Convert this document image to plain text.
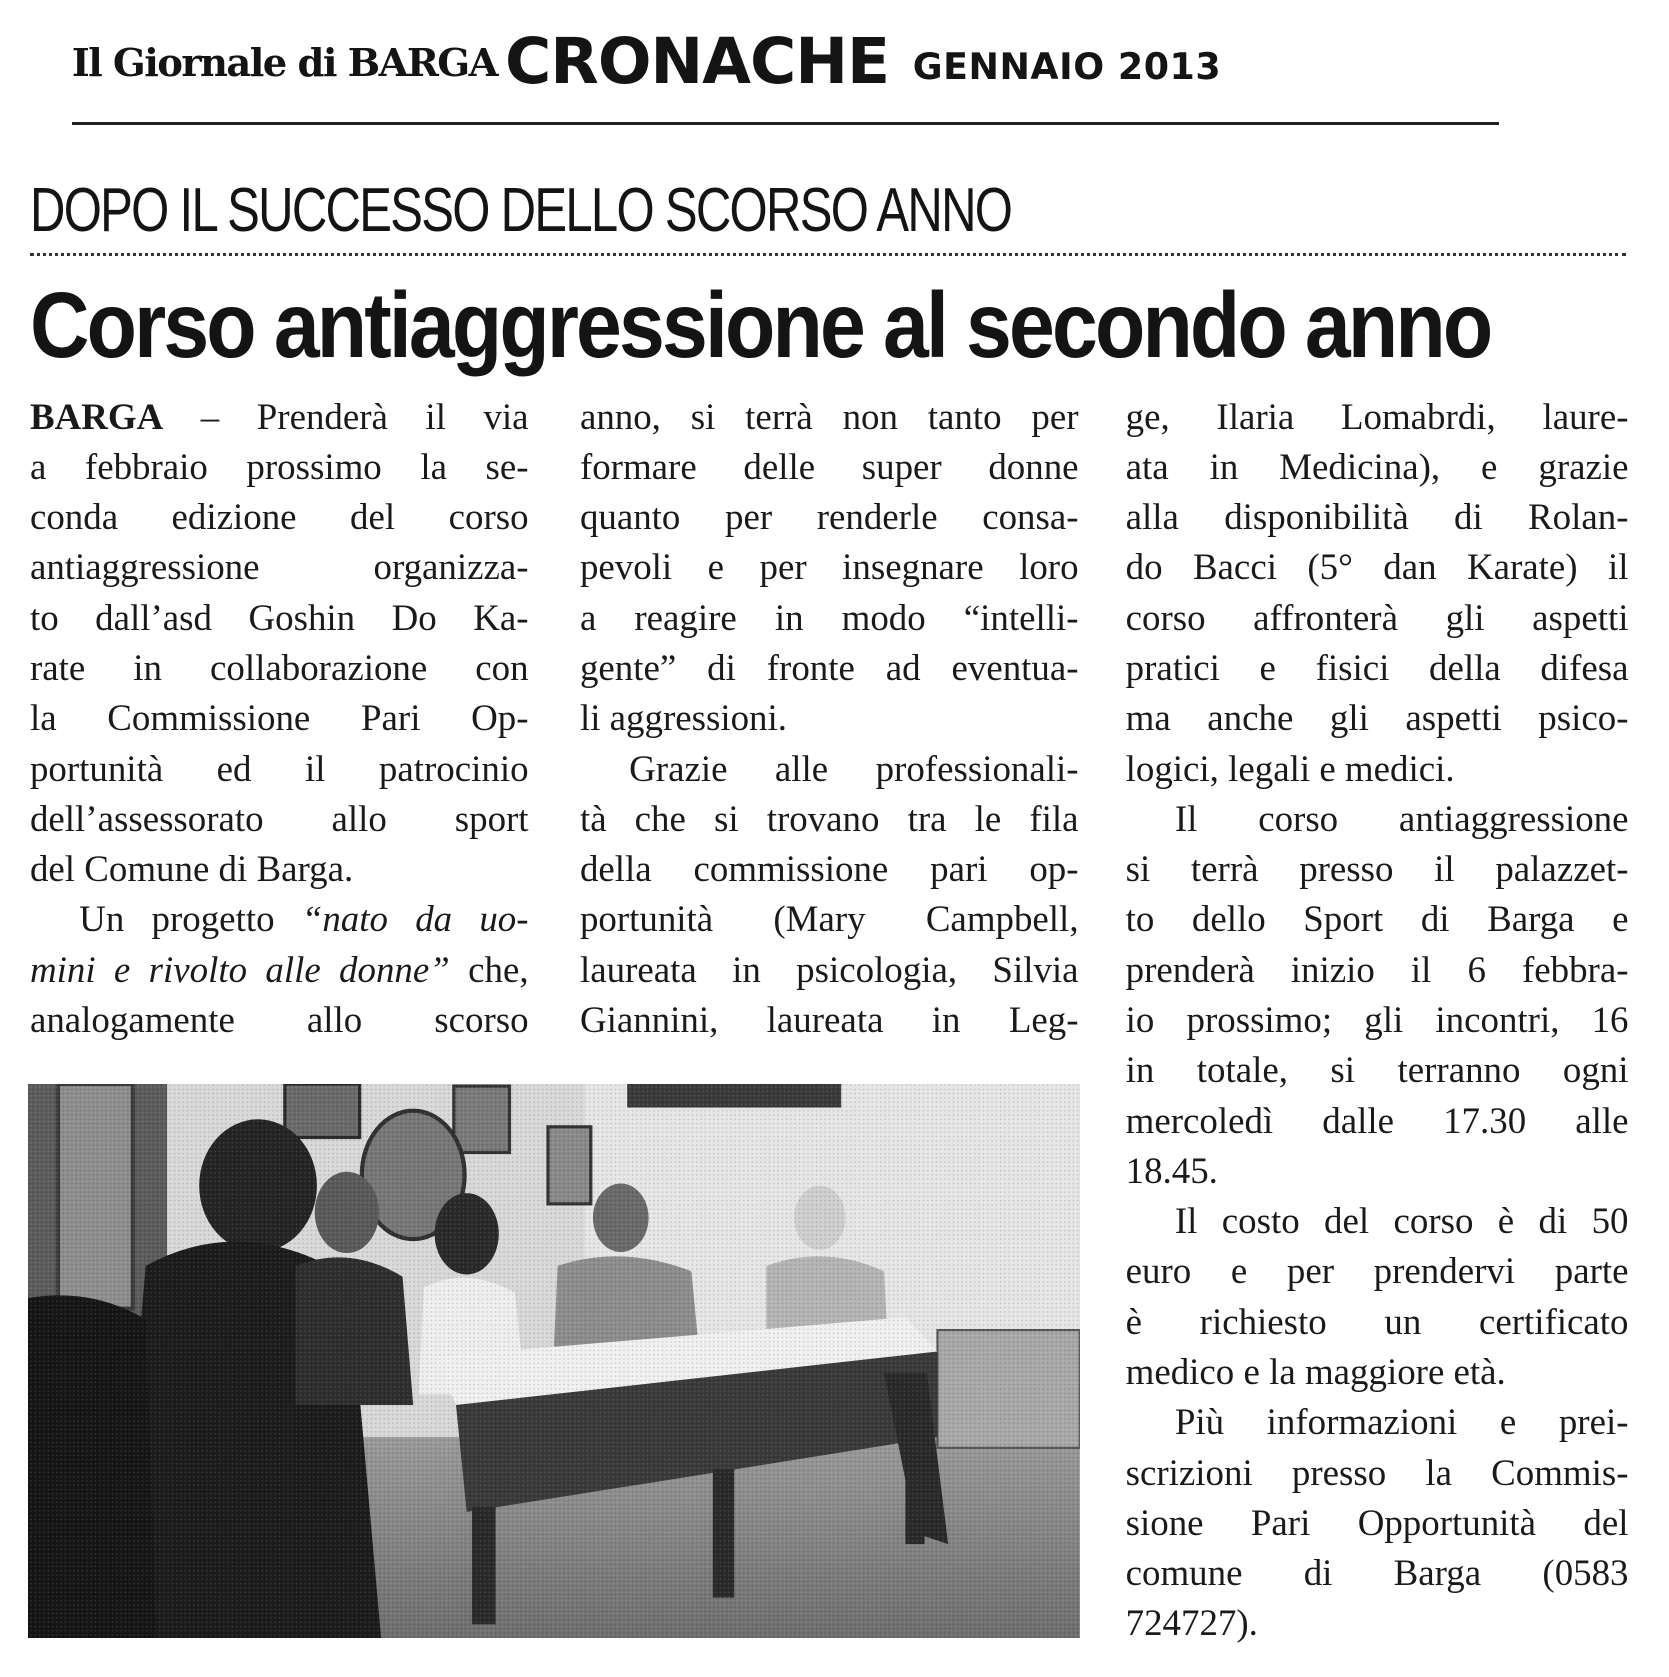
Il Giornale di BARGA CRONACHE GENNAIO 2013
DOPO IL SUCCESSO DELLO SCORSO ANNO
Corso antiaggressione al secondo anno
BARGA – Prenderà il via
a febbraio prossimo la se-
conda edizione del corso
antiaggressione organizza-
to dall’asd Goshin Do Ka-
rate in collaborazione con
la Commissione Pari Op-
portunità ed il patrocinio
dell’assessorato allo sport
del Comune di Barga.
Un progetto “nato da uo-
mini e rivolto alle donne” che,
analogamente allo scorso
anno, si terrà non tanto per
formare delle super donne
quanto per renderle consa-
pevoli e per insegnare loro
a reagire in modo “intelli-
gente” di fronte ad eventua-
li aggressioni.
Grazie alle professionali-
tà che si trovano tra le fila
della commissione pari op-
portunità (Mary Campbell,
laureata in psicologia, Silvia
Giannini, laureata in Leg-
ge, Ilaria Lomabrdi, laure-
ata in Medicina), e grazie
alla disponibilità di Rolan-
do Bacci (5° dan Karate) il
corso affronterà gli aspetti
pratici e fisici della difesa
ma anche gli aspetti psico-
logici, legali e medici.
Il corso antiaggressione
si terrà presso il palazzet-
to dello Sport di Barga e
prenderà inizio il 6 febbra-
io prossimo; gli incontri, 16
in totale, si terranno ogni
mercoledì dalle 17.30 alle
18.45.
Il costo del corso è di 50
euro e per prendervi parte
è richiesto un certificato
medico e la maggiore età.
Più informazioni e prei-
scrizioni presso la Commis-
sione Pari Opportunità del
comune di Barga (0583
724727).
